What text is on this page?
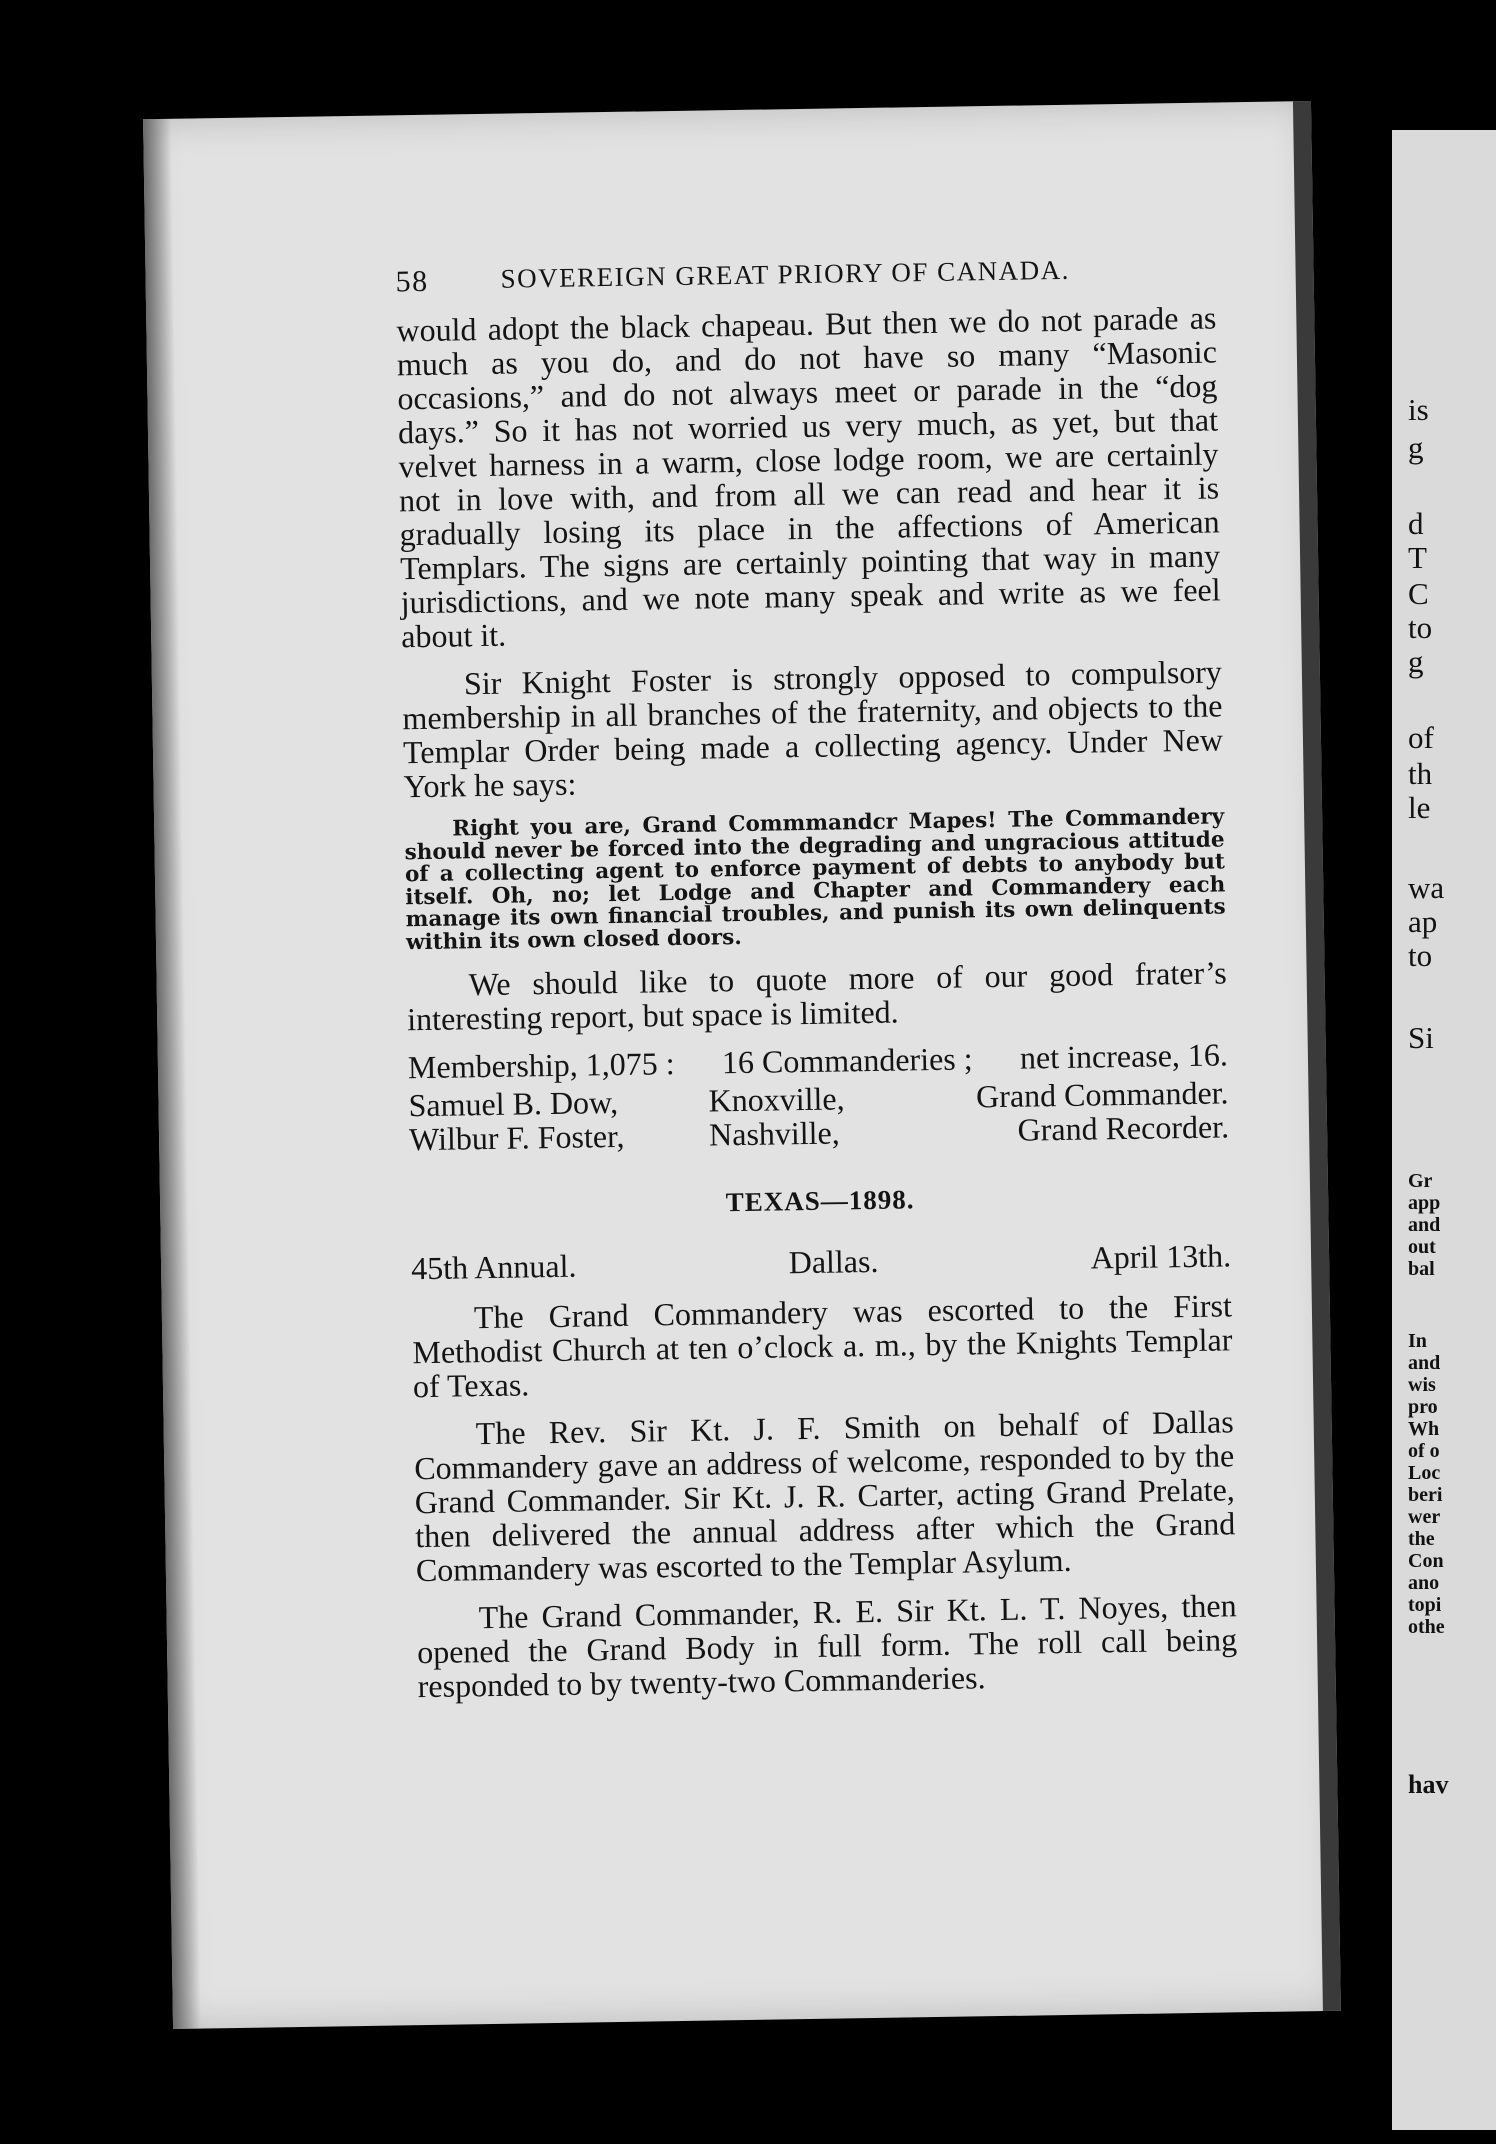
58	SOVEREIGN GREAT PRIORY OF CANADA.

would adopt the black chapeau. But then we do not parade as much as you do, and do not have so many “Masonic occasions,” and do not always meet or parade in the “dog days.” So it has not worried us very much, as yet, but that velvet harness in a warm, close lodge room, we are certainly not in love with, and from all we can read and hear it is gradually losing its place in the affections of American Templars. The signs are certainly pointing that way in many jurisdictions, and we note many speak and write as we feel about it.

Sir Knight Foster is strongly opposed to compulsory membership in all branches of the fraternity, and objects to the Templar Order being made a collecting agency. Under New York he says:

Right you are, Grand Commmandcr Mapes! The Commandery should never be forced into the degrading and ungracious attitude of a collecting agent to enforce payment of debts to anybody but itself. Oh, no; let Lodge and Chapter and Commandery each manage its own financial troubles, and punish its own delinquents within its own closed doors.

We should like to quote more of our good frater’s interesting report, but space is limited.

Membership, 1,075 : 16 Commanderies ; net increase, 16.
Samuel B. Dow,	Knoxville,	Grand Commander.
Wilbur F. Foster,	Nashville,	Grand Recorder.
TEXAS—1898.
45th Annual.	Dallas.	April 13th.

The Grand Commandery was escorted to the First Methodist Church at ten o’clock a. m., by the Knights Templar of Texas.

The Rev. Sir Kt. J. F. Smith on behalf of Dallas Commandery gave an address of welcome, responded to by the Grand Commander. Sir Kt. J. R. Carter, acting Grand Prelate, then delivered the annual address after which the Grand Commandery was escorted to the Templar Asylum.

The Grand Commander, R. E. Sir Kt. L. T. Noyes, then opened the Grand Body in full form. The roll call being responded to by twenty-two Commanderies.

is
g
d
T
C
to
g
of
th
le
wa
ap
to
Si
Gr
app
and
out
bal
In
and
wis
pro
Wh
of o
Loc
beri
wer
the
Con
ano
topi
othe
hav
